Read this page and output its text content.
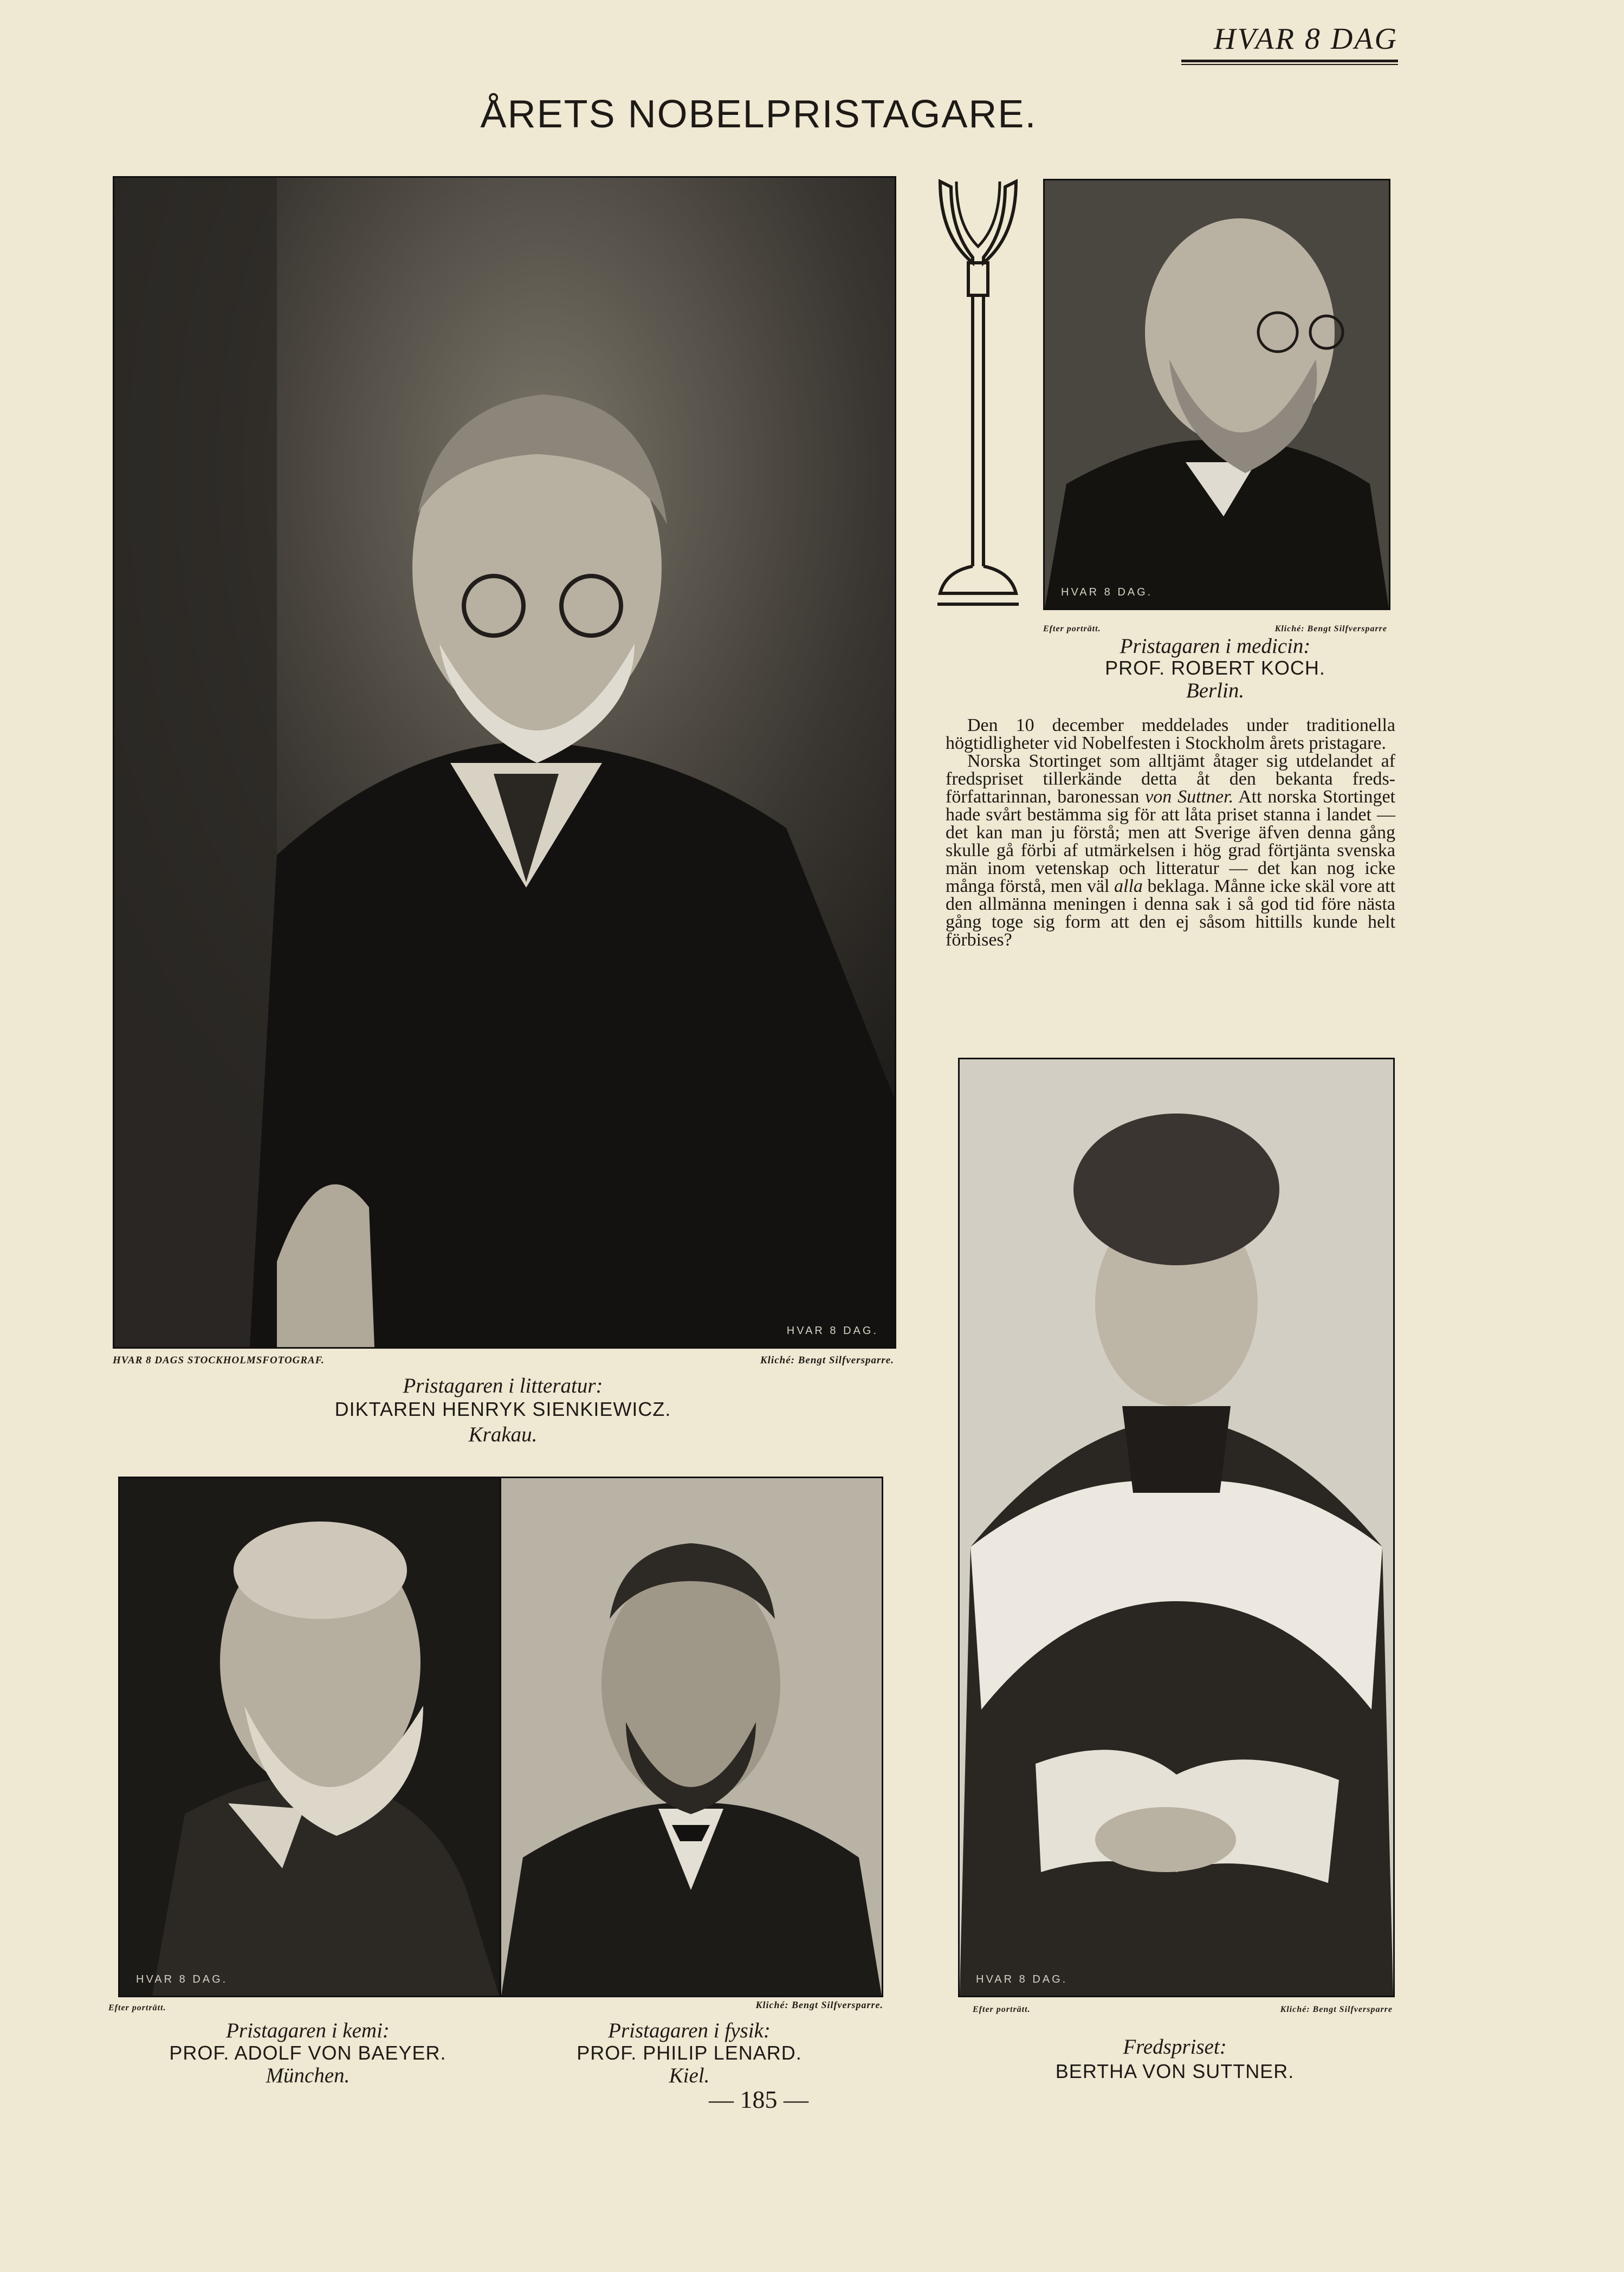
HVAR 8 DAG
ÅRETS NOBELPRISTAGARE.
HVAR 8 DAG.
HVAR 8 DAGS STOCKHOLMSFOTOGRAF.	Kliché: Bengt Silfversparre.
Pristagaren i litteratur:
DIKTAREN HENRYK SIENKIEWICZ.
Krakau.
HVAR 8 DAG.
Efter porträtt.	Kliché: Bengt Silfversparre
Pristagaren i medicin:
PROF. ROBERT KOCH.
Berlin.

Den 10 december meddelades under traditionella högtidligheter vid Nobelfesten i Stockholm årets pristagare.

Norska Stortinget som alltjämt åtager sig utdelandet af fredspriset tillerkände detta åt den bekanta freds-författarinnan, baronessan von Suttner. Att norska Stortinget hade svårt bestämma sig för att låta priset stanna i landet — det kan man ju förstå; men att Sverige äfven denna gång skulle gå förbi af utmärkelsen i hög grad förtjänta svenska män inom vetenskap och litteratur — det kan nog icke många förstå, men väl alla beklaga. Månne icke skäl vore att den allmänna meningen i denna sak i så god tid före nästa gång toge sig form att den ej såsom hittills kunde helt förbises?

HVAR 8 DAG.
Efter porträtt.	Kliché: Bengt Silfversparre.
Pristagaren i kemi:
PROF. ADOLF VON BAEYER.
München.
Pristagaren i fysik:
PROF. PHILIP LENARD.
Kiel.
HVAR 8 DAG.
Efter porträtt.	Kliché: Bengt Silfversparre
Fredspriset:
BERTHA VON SUTTNER.
— 185 —
